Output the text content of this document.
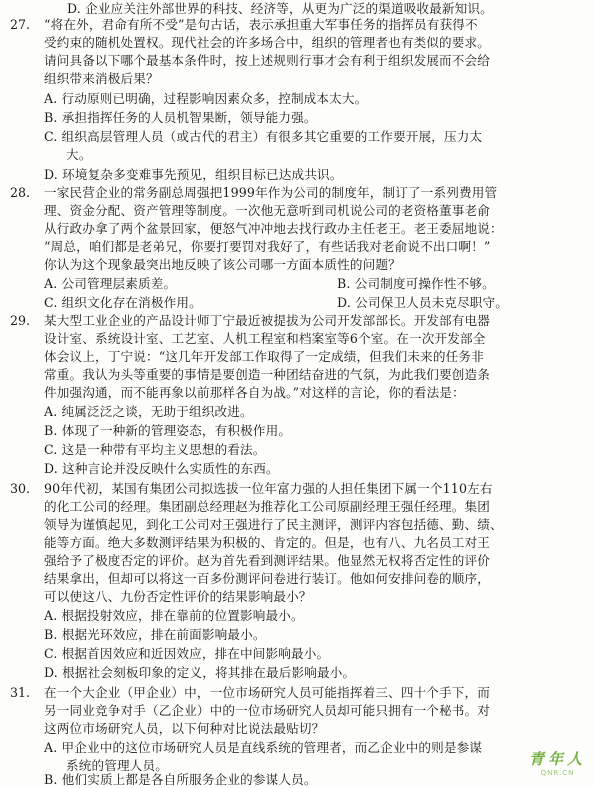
D. 企业应关注外部世界的科技、经济等，从更为广泛的渠道吸收最新知识。
27. “将在外，君命有所不受”是句古话，表示承担重大军事任务的指挥员有获得不
受约束的随机处置权。现代社会的许多场合中，组织的管理者也有类似的要求。
请问具备以下哪个最基本条件时，按上述规则行事才会有利于组织发展而不会给
组织带来消极后果？
A. 行动原则已明确，过程影响因素众多，控制成本太大。
B. 承担指挥任务的人员机智果断，领导能力强。
C. 组织高层管理人员（或古代的君主）有很多其它重要的工作要开展，压力太
大。
D. 环境复杂多变难事先预见，组织目标已达成共识。
28. 一家民营企业的常务副总周强把1999年作为公司的制度年，制订了一系列费用管
理、资金分配、资产管理等制度。一次他无意听到司机说公司的老资格董事老俞
从行政办拿了两个盆景回家，便怒气冲冲地去找行政办主任老王。老王委屈地说：
“周总，咱们都是老弟兄，你要打要罚对我好了，有些话我对老俞说不出口啊！”
你认为这个现象最突出地反映了该公司哪一方面本质性的问题？
A. 公司管理层素质差。	B. 公司制度可操作性不够。
C. 组织文化存在消极作用。	D. 公司保卫人员未克尽职守。
29. 某大型工业企业的产品设计师丁宁最近被提拔为公司开发部部长。开发部有电器
设计室、系统设计室、工艺室、人机工程室和档案室等6个室。在一次开发部全
体会议上，丁宁说：“这几年开发部工作取得了一定成绩，但我们未来的任务非
常重。我认为头等重要的事情是要创造一种团结奋进的气氛，为此我们要创造条
件加强沟通，而不能再象以前那样各自为战。”对这样的言论，你的看法是：
A. 纯属泛泛之谈，无助于组织改进。
B. 体现了一种新的管理姿态，有积极作用。
C. 这是一种带有平均主义思想的看法。
D. 这种言论并没反映什么实质性的东西。
30. 90年代初，某国有集团公司拟选拔一位年富力强的人担任集团下属一个110左右
的化工公司的经理。集团副总经理赵为推荐化工公司原副经理王强任经理。集团
领导为谨慎起见，到化工公司对王强进行了民主测评，测评内容包括德、勤、绩、
能等方面。绝大多数测评结果为积极的、肯定的。但是，也有八、九名员工对王
强给予了极度否定的评价。赵为首先看到测评结果。他显然无权将否定性的评价
结果拿出，但却可以将这一百多份测评问卷进行装订。他如何安排问卷的顺序，
可以使这八、九份否定性评价的结果影响最小？
A. 根据投射效应，排在靠前的位置影响最小。
B. 根据光环效应，排在前面影响最小。
C. 根据首因效应和近因效应，排在中间影响最小。
D. 根据社会刻板印象的定义，将其排在最后影响最小。
31. 在一个大企业（甲企业）中，一位市场研究人员可能指挥着三、四十个手下，而
另一同业竞争对手（乙企业）中的一位市场研究人员却可能只拥有一个秘书。对
这两位市场研究人员，以下何种对比说法最贴切？
A. 甲企业中的这位市场研究人员是直线系统的管理者，而乙企业中的则是参谋
系统的管理人员。
B. 他们实质上都是各自所服务企业的参谋人员。
青年人
QNR.CN
